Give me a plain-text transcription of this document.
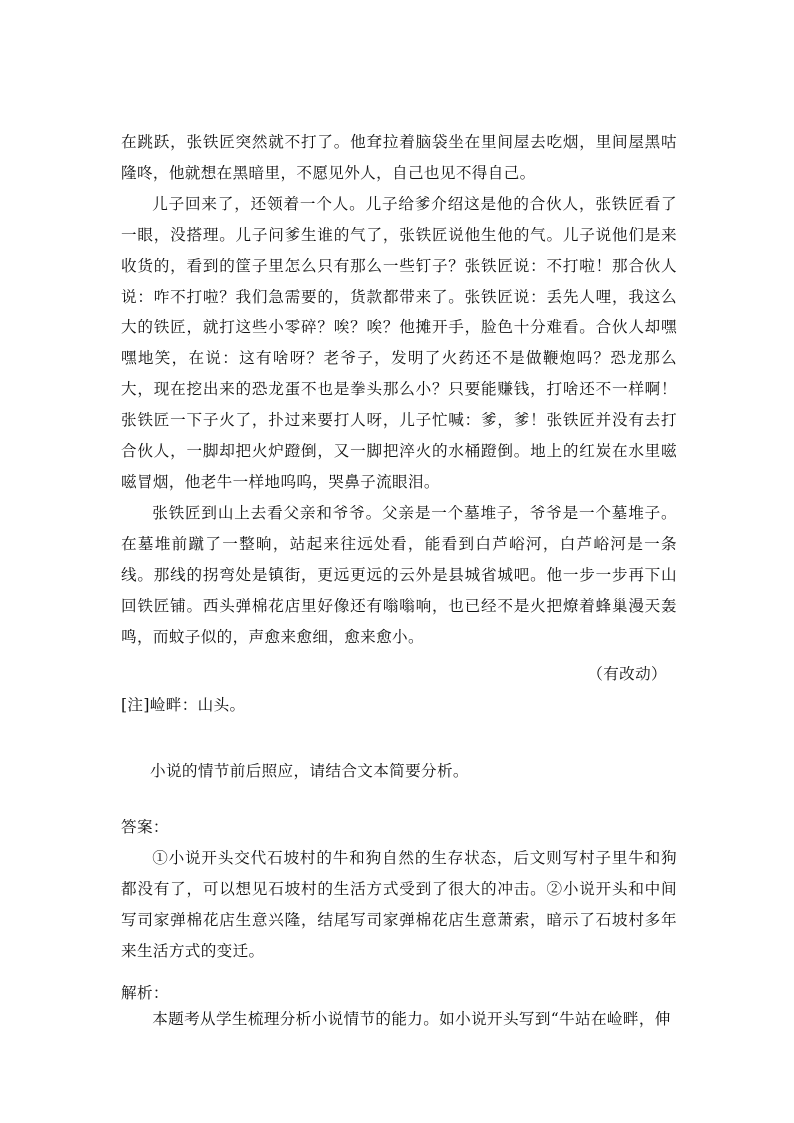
在跳跃，张铁匠突然就不打了。他耷拉着脑袋坐在里间屋去吃烟，里间屋黑咕隆咚，他就想在黑暗里，不愿见外人，自己也见不得自己。

儿子回来了，还领着一个人。儿子给爹介绍这是他的合伙人，张铁匠看了一眼，没搭理。儿子问爹生谁的气了，张铁匠说他生他的气。儿子说他们是来收货的，看到的筐子里怎么只有那么一些钉子？张铁匠说：不打啦！那合伙人说：咋不打啦？我们急需要的，货款都带来了。张铁匠说：丢先人哩，我这么大的铁匠，就打这些小零碎？唉？唉？他摊开手，脸色十分难看。合伙人却嘿嘿地笑，在说：这有啥呀？老爷子，发明了火药还不是做鞭炮吗？恐龙那么大，现在挖出来的恐龙蛋不也是拳头那么小？只要能赚钱，打啥还不一样啊！张铁匠一下子火了，扑过来要打人呀，儿子忙喊：爹，爹！张铁匠并没有去打合伙人，一脚却把火炉蹬倒，又一脚把淬火的水桶蹬倒。地上的红炭在水里嗞嗞冒烟，他老牛一样地呜呜，哭鼻子流眼泪。

张铁匠到山上去看父亲和爷爷。父亲是一个墓堆子，爷爷是一个墓堆子。在墓堆前蹴了一整晌，站起来往远处看，能看到白芦峪河，白芦峪河是一条线。那线的拐弯处是镇街，更远更远的云外是县城省城吧。他一步一步再下山回铁匠铺。西头弹棉花店里好像还有嗡嗡响，也已经不是火把燎着蜂巢漫天轰鸣，而蚊子似的，声愈来愈细，愈来愈小。

（有改动）
[注]崄畔：山头。
小说的情节前后照应，请结合文本简要分析。
答案：

①小说开头交代石坡村的牛和狗自然的生存状态，后文则写村子里牛和狗都没有了，可以想见石坡村的生活方式受到了很大的冲击。②小说开头和中间写司家弹棉花店生意兴隆，结尾写司家弹棉花店生意萧索，暗示了石坡村多年来生活方式的变迁。

解析：

本题考从学生梳理分析小说情节的能力。如小说开头写到“牛站在崄畔，伸
